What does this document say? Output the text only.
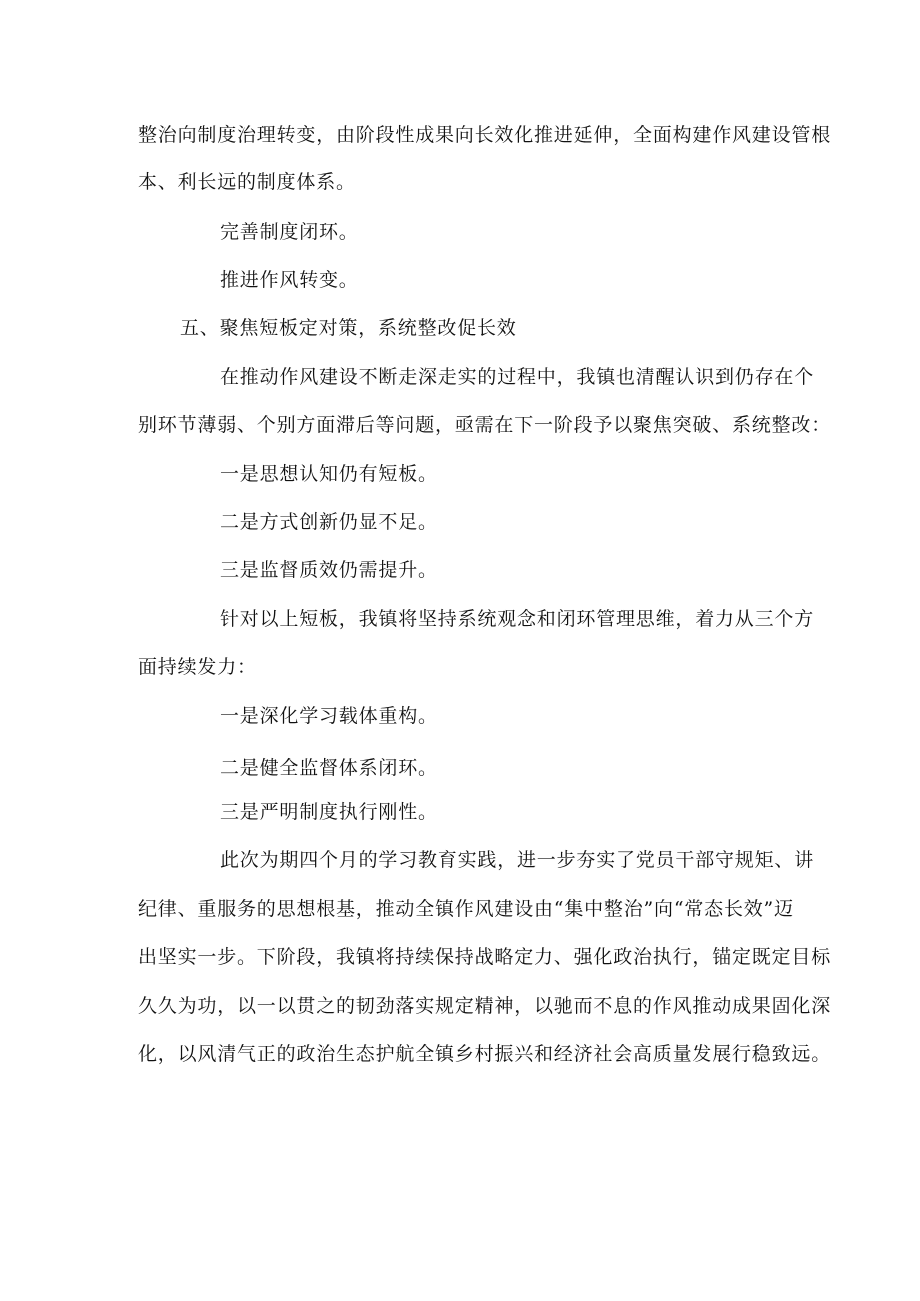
整治向制度治理转变，由阶段性成果向长效化推进延伸，全面构建作风建设管根
本、利长远的制度体系。
完善制度闭环。
推进作风转变。
五、聚焦短板定对策，系统整改促长效
在推动作风建设不断走深走实的过程中，我镇也清醒认识到仍存在个
别环节薄弱、个别方面滞后等问题，亟需在下一阶段予以聚焦突破、系统整改：
一是思想认知仍有短板。
二是方式创新仍显不足。
三是监督质效仍需提升。
针对以上短板，我镇将坚持系统观念和闭环管理思维，着力从三个方
面持续发力：
一是深化学习载体重构。
二是健全监督体系闭环。
三是严明制度执行刚性。
此次为期四个月的学习教育实践，进一步夯实了党员干部守规矩、讲
纪律、重服务的思想根基，推动全镇作风建设由“集中整治”向“常态长效”迈
出坚实一步。下阶段，我镇将持续保持战略定力、强化政治执行，锚定既定目标
久久为功，以一以贯之的韧劲落实规定精神，以驰而不息的作风推动成果固化深
化，以风清气正的政治生态护航全镇乡村振兴和经济社会高质量发展行稳致远。
